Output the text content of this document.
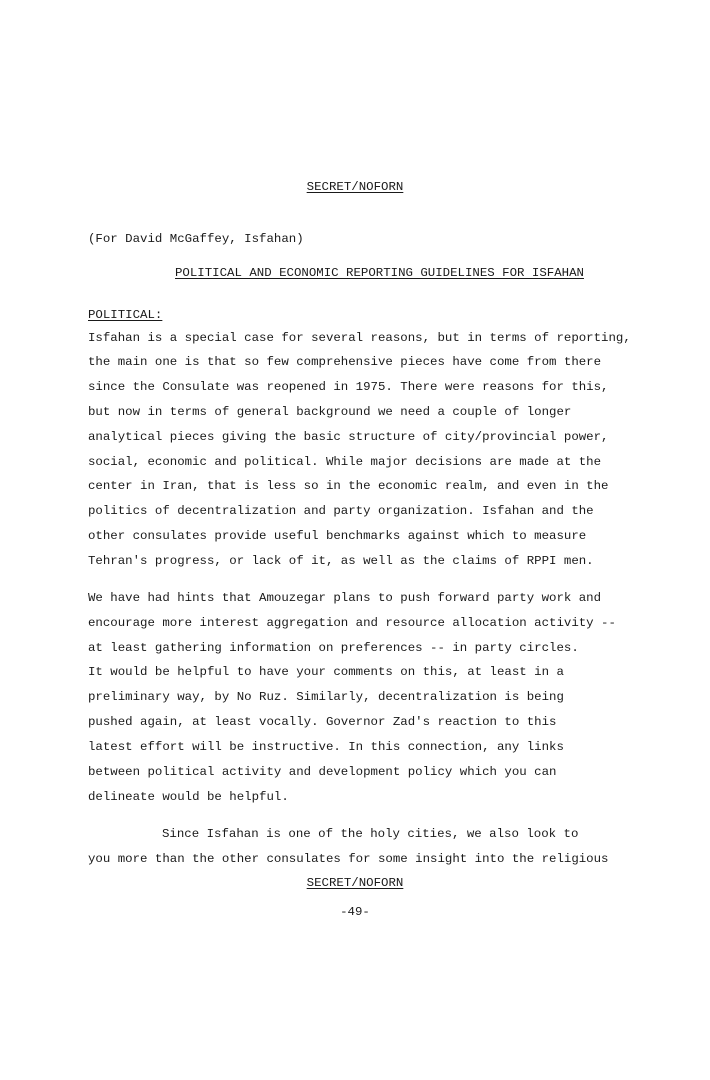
SECRET/NOFORN
(For David McGaffey, Isfahan)
POLITICAL AND ECONOMIC REPORTING GUIDELINES FOR ISFAHAN
POLITICAL:
Isfahan is a special case for several reasons, but in terms of reporting,
the main one is that so few comprehensive pieces have come from there
since the Consulate was reopened in 1975. There were reasons for this,
but now in terms of general background we need a couple of longer
analytical pieces giving the basic structure of city/provincial power,
social, economic and political. While major decisions are made at the
center in Iran, that is less so in the economic realm, and even in the
politics of decentralization and party organization. Isfahan and the
other consulates provide useful benchmarks against which to measure
Tehran's progress, or lack of it, as well as the claims of RPPI men.
We have had hints that Amouzegar plans to push forward party work and
encourage more interest aggregation and resource allocation activity --
at least gathering information on preferences -- in party circles.
It would be helpful to have your comments on this, at least in a
preliminary way, by No Ruz. Similarly, decentralization is being
pushed again, at least vocally. Governor Zad's reaction to this
latest effort will be instructive. In this connection, any links
between political activity and development policy which you can
delineate would be helpful.
Since Isfahan is one of the holy cities, we also look to
you more than the other consulates for some insight into the religious
SECRET/NOFORN
-49-
